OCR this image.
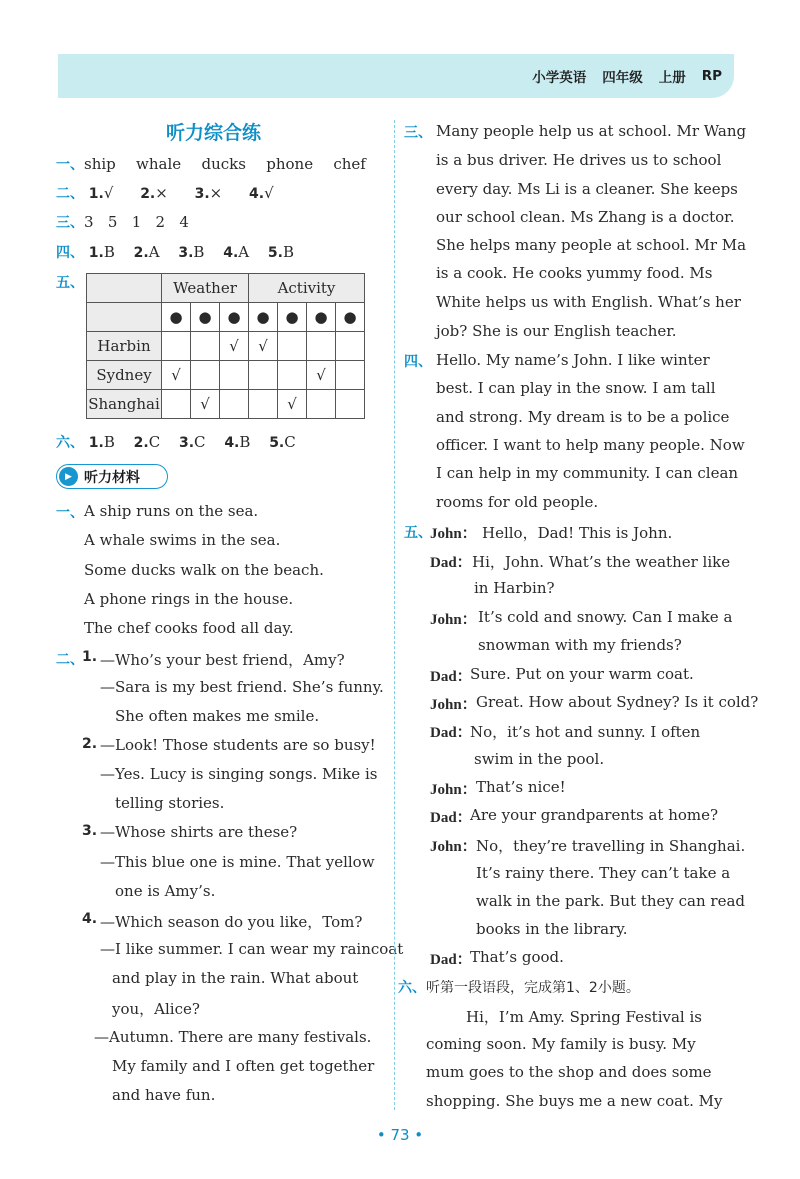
小学英语 四年级 上册 RP
听力综合练
一、ship   whale   ducks   phone   chef
二、 1.√ 2.× 3.× 4.√
三、3   5   1   2   4
四、 1.B 2.A 3.B 4.A 5.B
五、
		Weather			Activity			
	●	●	●	●	●	●	●
Harbin			√	√			
Sydney	√					√	
Shanghai		√			√		
六、 1.B 2.C 3.C 4.B 5.C
▶ 听力材料
一、 A ship runs on the sea.
A whale swims in the sea.
Some ducks walk on the beach.
A phone rings in the house.
The chef cooks food all day.
二、
1. —Who’s your best friend，Amy?
—Sara is my best friend. She’s funny.
She often makes me smile.
2. —Look! Those students are so busy!
—Yes. Lucy is singing songs. Mike is
telling stories.
3. —Whose shirts are these?
—This blue one is mine. That yellow
one is Amy’s.
4. —Which season do you like，Tom?
—I like summer. I can wear my raincoat
and play in the rain. What about
you，Alice?
—Autumn. There are many festivals.
My family and I often get together
and have fun.
三、 Many people help us at school. Mr Wang
is a bus driver. He drives us to school
every day. Ms Li is a cleaner. She keeps
our school clean. Ms Zhang is a doctor.
She helps many people at school. Mr Ma
is a cook. He cooks yummy food. Ms
White helps us with English. What’s her
job? She is our English teacher.
四、 Hello. My name’s John. I like winter
best. I can play in the snow. I am tall
and strong. My dream is to be a police
officer. I want to help many people. Now
I can help in my community. I can clean
rooms for old people.
五、
John： Hello，Dad! This is John.
Dad： Hi，John. What’s the weather like
in Harbin?
John： It’s cold and snowy. Can I make a
snowman with my friends?
Dad：
Sure. Put on your warm coat.
John： Great. How about Sydney? Is it cold?
Dad：
No，it’s hot and sunny. I often
swim in the pool.
John： That’s nice!
Dad：
Are your grandparents at home?
John： No，they’re travelling in Shanghai.
It’s rainy there. They can’t take a
walk in the park. But they can read
books in the library.
Dad：
That’s good.
六、 听第一段语段，完成第1、2小题。
Hi，I’m Amy. Spring Festival is
coming soon. My family is busy. My
mum goes to the shop and does some
shopping. She buys me a new coat. My
• 73 •
